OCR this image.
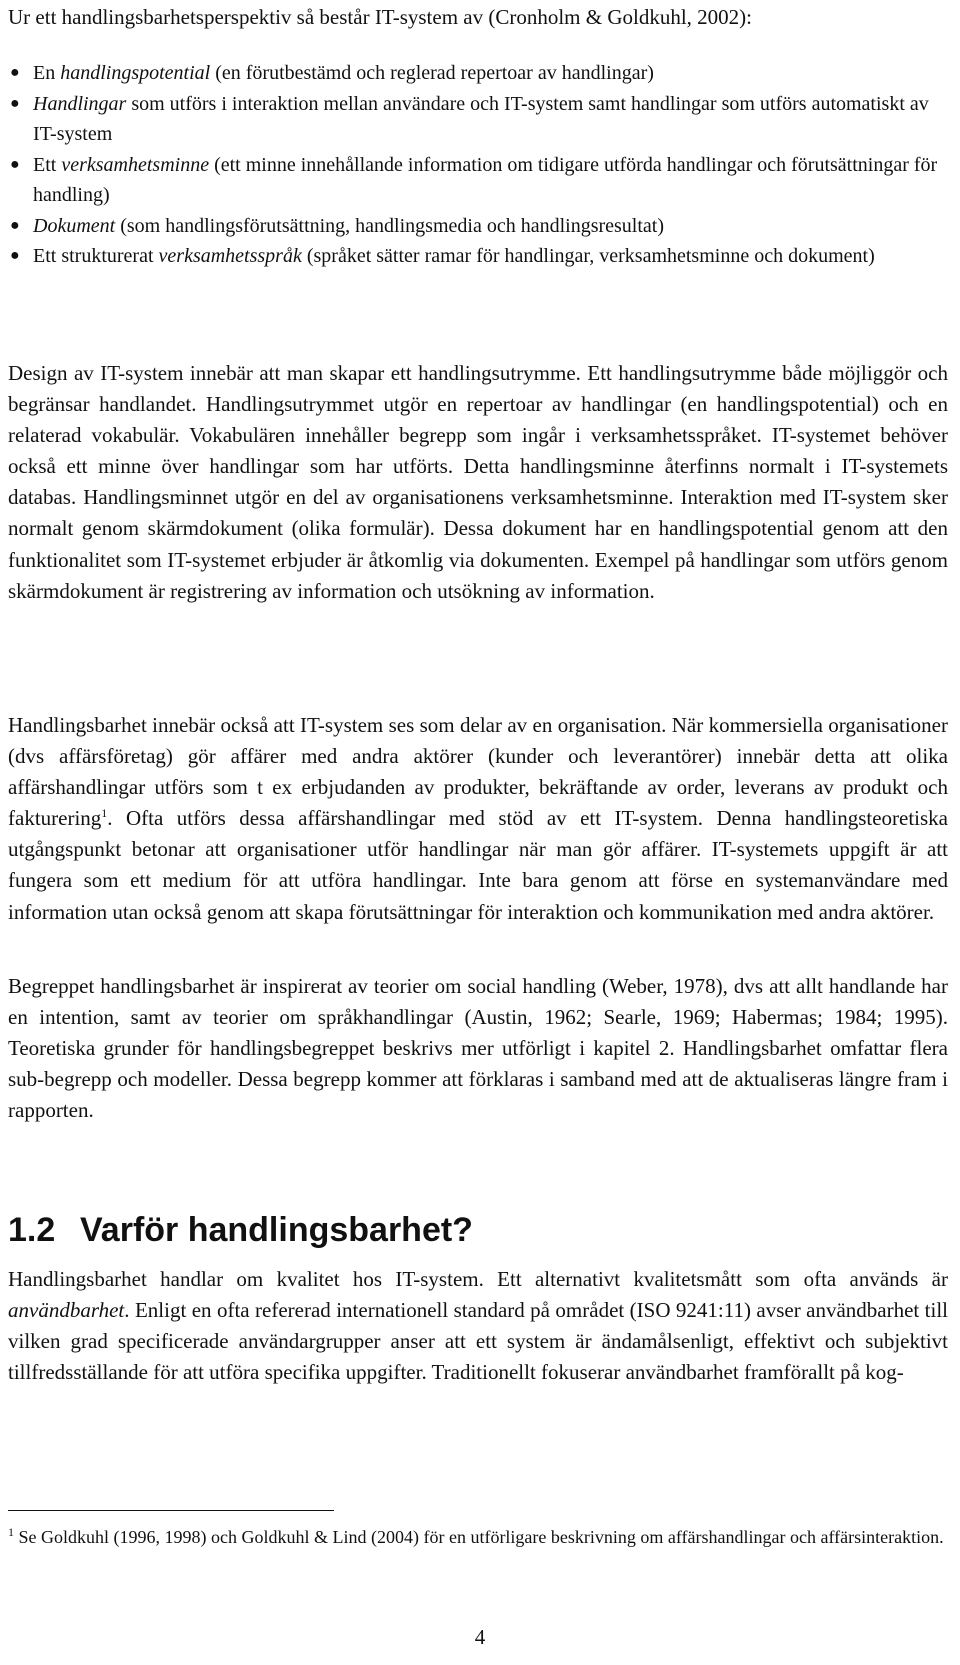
Ur ett handlingsbarhetsperspektiv så består IT-system av (Cronholm & Goldkuhl, 2002):

● En handlingspotential (en förutbestämd och reglerad repertoar av handlingar)
● Handlingar som utförs i interaktion mellan användare och IT-system samt handlingar som utförs automatiskt av IT-system
● Ett verksamhetsminne (ett minne innehållande information om tidigare utförda handlingar och förutsättningar för handling)
● Dokument (som handlingsförutsättning, handlingsmedia och handlingsresultat)
● Ett strukturerat verksamhetsspråk (språket sätter ramar för handlingar, verksamhetsminne och dokument)

Design av IT-system innebär att man skapar ett handlingsutrymme. Ett handlingsutrymme både möjliggör och begränsar handlandet. Handlingsutrymmet utgör en repertoar av handlingar (en handlingspotential) och en relaterad vokabulär. Vokabulären innehåller begrepp som ingår i verksamhetsspråket. IT-systemet behöver också ett minne över handlingar som har utförts. Detta handlingsminne återfinns normalt i IT-systemets databas. Handlingsminnet utgör en del av organisationens verksamhetsminne. Interaktion med IT-system sker normalt genom skärmdokument (olika formulär). Dessa dokument har en handlingspotential genom att den funktionalitet som IT-systemet erbjuder är åtkomlig via dokumenten. Exempel på handlingar som utförs genom skärmdokument är registrering av information och utsökning av information.

Handlingsbarhet innebär också att IT-system ses som delar av en organisation. När kommersiella organisationer (dvs affärsföretag) gör affärer med andra aktörer (kunder och leverantörer) innebär detta att olika affärshandlingar utförs som t ex erbjudanden av produkter, bekräftande av order, leverans av produkt och fakturering$^1$. Ofta utförs dessa affärshandlingar med stöd av ett IT-system. Denna handlingsteoretiska utgångspunkt betonar att organisationer utför handlingar när man gör affärer. IT-systemets uppgift är att fungera som ett medium för att utföra handlingar. Inte bara genom att förse en systemanvändare med information utan också genom att skapa förutsättningar för interaktion och kommunikation med andra aktörer.

Begreppet handlingsbarhet är inspirerat av teorier om social handling (Weber, 1978), dvs att allt handlande har en intention, samt av teorier om språkhandlingar (Austin, 1962; Searle, 1969; Habermas; 1984; 1995). Teoretiska grunder för handlingsbegreppet beskrivs mer utförligt i kapitel 2. Handlingsbarhet omfattar flera sub-begrepp och modeller. Dessa begrepp kommer att förklaras i samband med att de aktualiseras längre fram i rapporten.

1.2 Varför handlingsbarhet?

Handlingsbarhet handlar om kvalitet hos IT-system. Ett alternativt kvalitetsmått som ofta används är användbarhet. Enligt en ofta refererad internationell standard på området (ISO 9241:11) avser användbarhet till vilken grad specificerade användargrupper anser att ett system är ändamålsenligt, effektivt och subjektivt tillfredsställande för att utföra specifika uppgifter. Traditionellt fokuserar användbarhet framförallt på kog-

$^1$ Se Goldkuhl (1996, 1998) och Goldkuhl & Lind (2004) för en utförligare beskrivning om affärshandlingar och affärsinteraktion.

4
